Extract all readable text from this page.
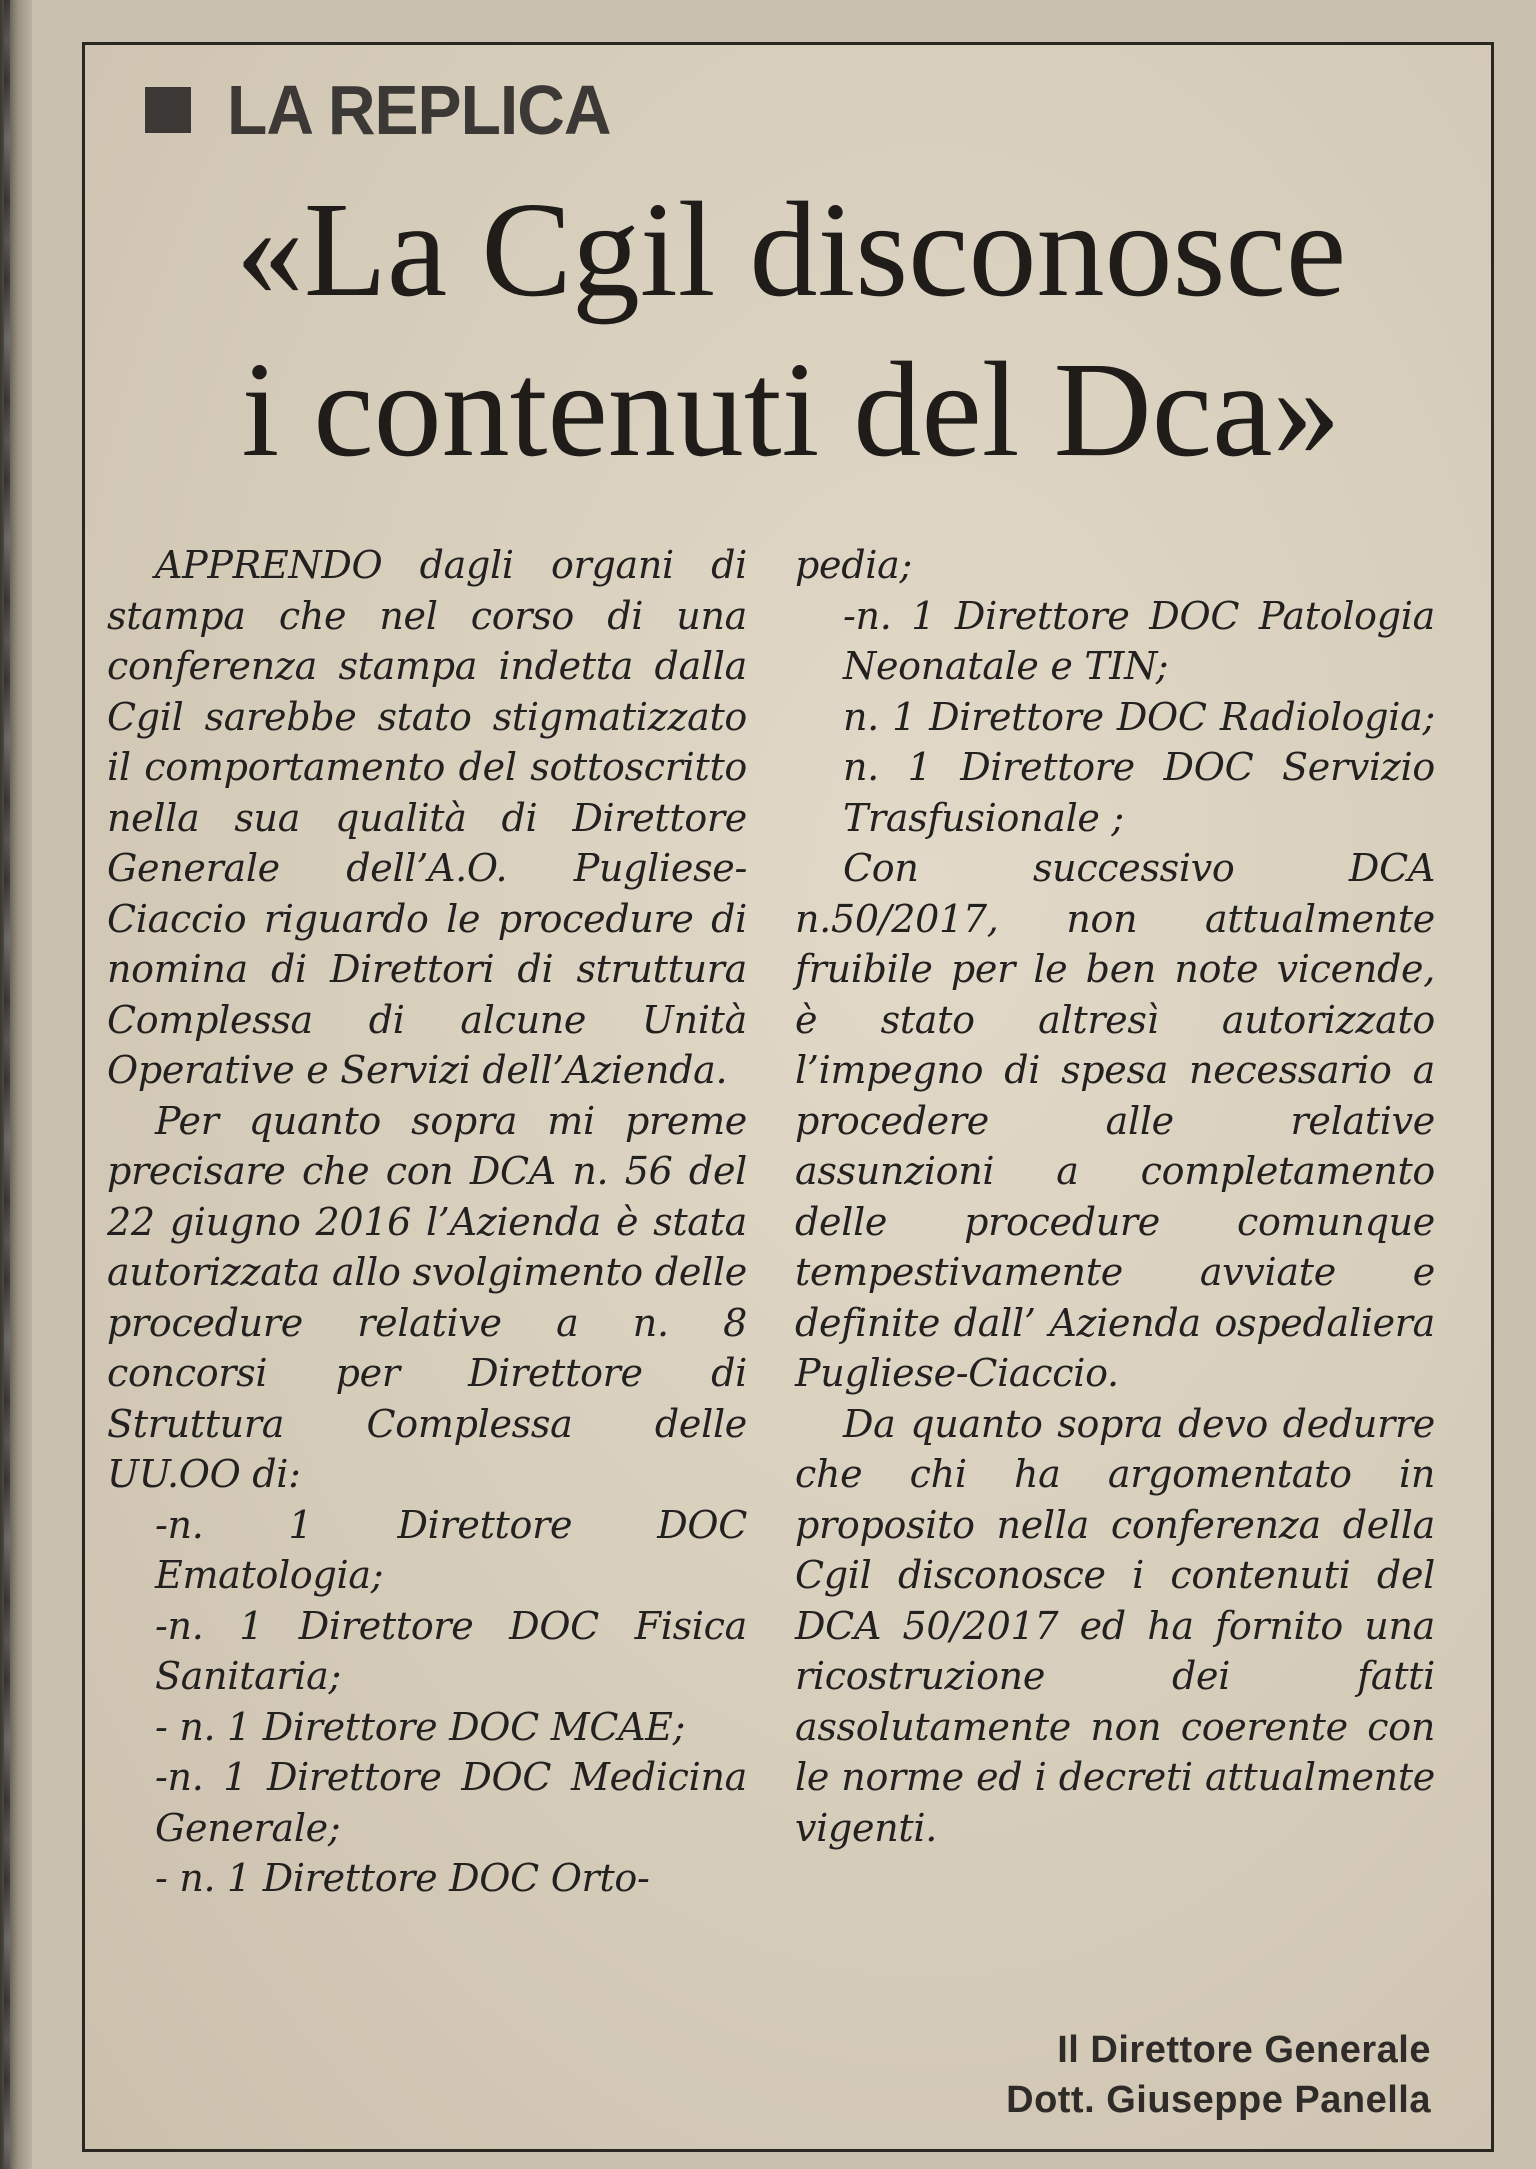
LA REPLICA
«La Cgil disconosce
i contenuti del Dca»

APPRENDO dagli organi di stampa che nel corso di una conferenza stampa indetta dalla Cgil sarebbe stato stigmatizzato il comportamento del sottoscritto nella sua qualità di Direttore Generale dell’A.O. Pugliese-Ciaccio riguardo le procedure di nomina di Direttori di struttura Complessa di alcune Unità Operative e Servizi dell’Azienda.

Per quanto sopra mi preme precisare che con DCA n. 56 del 22 giugno 2016 l’Azienda è stata autorizzata allo svolgimento delle procedure relative a n. 8 concorsi per Direttore di Struttura Complessa delle UU.OO di:

-n. 1 Direttore DOC Ematologia;

-n. 1 Direttore DOC Fisica Sanitaria;

- n. 1 Direttore DOC MCAE;

-n. 1 Direttore DOC Medicina Generale;

- n. 1 Direttore DOC Orto-

pedia;

-n. 1 Direttore DOC Patologia Neonatale e TIN;

n. 1 Direttore DOC Radiologia; n. 1 Direttore DOC Servizio Trasfusionale ;

Con successivo DCA n.50/2017, non attualmente fruibile per le ben note vicende, è stato altresì autorizzato l’impegno di spesa necessario a procedere alle relative assunzioni a completamento delle procedure comunque tempestivamente avviate e definite dall’ Azienda ospedaliera Pugliese-Ciaccio.

Da quanto sopra devo dedurre che chi ha argomentato in proposito nella conferenza della Cgil disconosce i contenuti del DCA 50/2017 ed ha fornito una ricostruzione dei fatti assolutamente non coerente con le norme ed i decreti attualmente vigenti.

Il Direttore Generale
Dott. Giuseppe Panella
